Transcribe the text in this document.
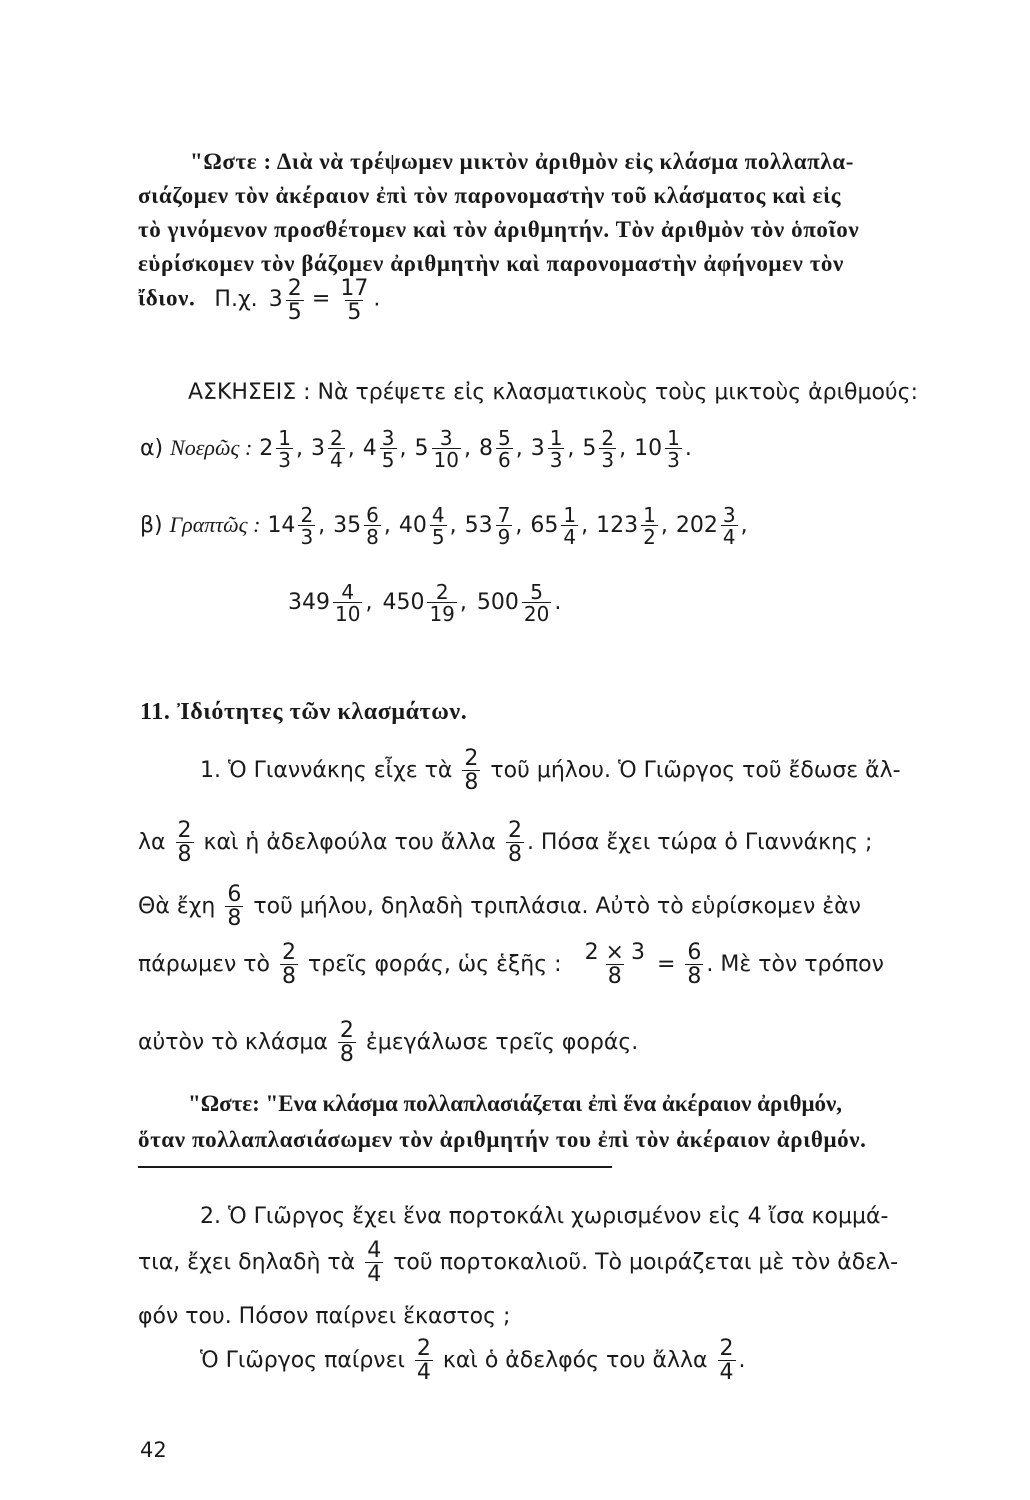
"Ωστε : Διὰ νὰ τρέψωμεν μικτὸν ἀριθμὸν εἰς κλάσμα πολλαπλα-
σιάζομεν τὸν ἀκέραιον ἐπὶ τὸν παρονομαστὴν τοῦ κλάσματος καὶ εἰς
τὸ γινόμενον προσθέτομεν καὶ τὸν ἀριθμητήν. Τὸν ἀριθμὸν τὸν ὁποῖον
εὑρίσκομεν τὸν βάζομεν ἀριθμητὴν καὶ παρονομαστὴν ἀφήνομεν τὸν
ἴδιον. Π.χ. $3 \frac{2}{5} = \frac{17}{5}$ .
ΑΣΚΗΣΕΙΣ : Νὰ τρέψετε εἰς κλασματικοὺς τοὺς μικτοὺς ἀριθμούς:
α) Νοερῶς : $2 \frac{1}{3}$ , $3 \frac{2}{4}$ , $4 \frac{3}{5}$ , $5 \frac{3}{10}$ , $8 \frac{5}{6}$ , $3 \frac{1}{3}$ , $5 \frac{2}{3}$ , $10 \frac{1}{3}$ .
β) Γραπτῶς : $14 \frac{2}{3}$ , $35 \frac{6}{8}$ , $40 \frac{4}{5}$ , $53 \frac{7}{9}$ , $65 \frac{1}{4}$ , $123 \frac{1}{2}$ , $202 \frac{3}{4}$ ,
$349 \frac{4}{10}$ , $450 \frac{2}{19}$ , $500 \frac{5}{20}$ .
11. Ἰδιότητες τῶν κλασμάτων.
1. Ὁ Γιαννάκης εἶχε τὰ $\frac{2}{8}$ τοῦ μήλου. Ὁ Γιῶργος τοῦ ἔδωσε ἄλ-
λα $\frac{2}{8}$ καὶ ἡ ἀδελφούλα του ἄλλα $\frac{2}{8}$ . Πόσα ἔχει τώρα ὁ Γιαννάκης ;
Θὰ ἔχη $\frac{6}{8}$ τοῦ μήλου, δηλαδὴ τριπλάσια. Αὐτὸ τὸ εὑρίσκομεν ἐὰν
πάρωμεν τὸ $\frac{2}{8}$ τρεῖς φοράς, ὡς ἑξῆς : $\frac{2 \times 3}{8} = \frac{6}{8}$ . Μὲ τὸν τρόπον
αὐτὸν τὸ κλάσμα $\frac{2}{8}$ ἐμεγάλωσε τρεῖς φοράς.
"Ωστε: "Ενα κλάσμα πολλαπλασιάζεται ἐπὶ ἕνα ἀκέραιον ἀριθμόν,
ὅταν πολλαπλασιάσωμεν τὸν ἀριθμητήν του ἐπὶ τὸν ἀκέραιον ἀριθμόν.
2. Ὁ Γιῶργος ἔχει ἕνα πορτοκάλι χωρισμένον εἰς 4 ἴσα κομμά-
τια, ἔχει δηλαδὴ τὰ $\frac{4}{4}$ τοῦ πορτοκαλιοῦ. Τὸ μοιράζεται μὲ τὸν ἀδελ-
φόν του. Πόσον παίρνει ἕκαστος ;
Ὁ Γιῶργος παίρνει $\frac{2}{4}$ καὶ ὁ ἀδελφός του ἄλλα $\frac{2}{4}$ .
42
